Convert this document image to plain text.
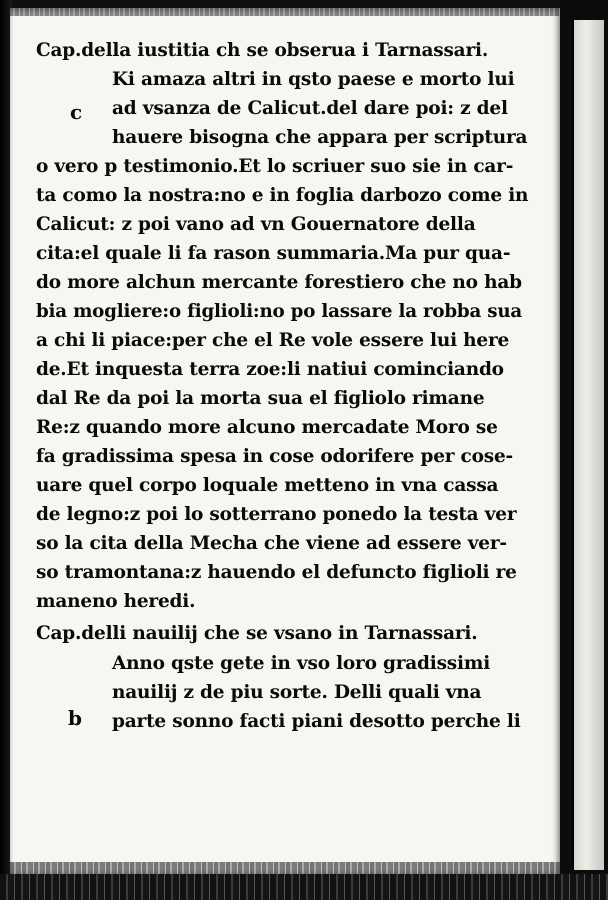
Cap.della iustitia ch se obserua i Tarnassari.
Ki amaza altri in qsto paese e morto lui
ad vsanza de Calicut.del dare poi: z del
hauere bisogna che appara per scriptura
o vero p testimonio.Et lo scriuer suo sie in car-
ta como la nostra:no e in foglia darbozo come in
Calicut: z poi vano ad vn Gouernatore della
cita:el quale li fa rason summaria.Ma pur qua-
do more alchun mercante forestiero che no hab
bia mogliere:o figlioli:no po lassare la robba sua
a chi li piace:per che el Re vole essere lui here
de.Et inquesta terra zoe:li natiui cominciando
dal Re da poi la morta sua el figliolo rimane
Re:z quando more alcuno mercadate Moro se
fa gradissima spesa in cose odorifere per cose-
uare quel corpo loquale metteno in vna cassa
de legno:z poi lo sotterrano ponedo la testa ver
so la cita della Mecha che viene ad essere ver-
so tramontana:z hauendo el defuncto figlioli re
maneno heredi.
Cap.delli nauilij che se vsano in Tarnassari.
Anno qste gete in vso loro gradissimi
nauilij z de piu sorte. Delli quali vna
parte sonno facti piani desotto perche li
c
b
